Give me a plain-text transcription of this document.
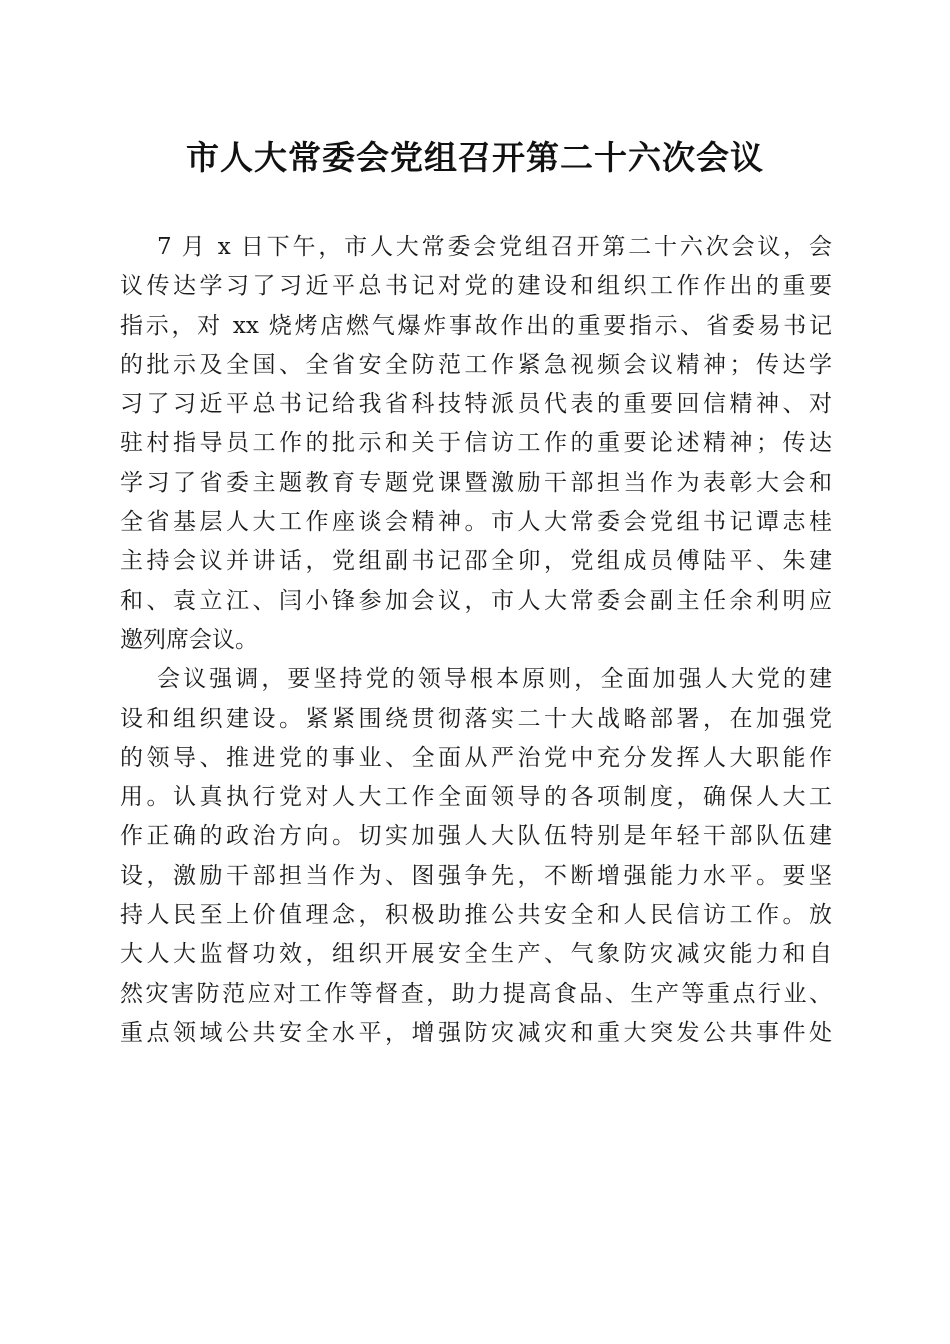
市人大常委会党组召开第二十六次会议
7 月 x 日下午，市人大常委会党组召开第二十六次会议，会
议传达学习了习近平总书记对党的建设和组织工作作出的重要
指示，对 xx 烧烤店燃气爆炸事故作出的重要指示、省委易书记
的批示及全国、全省安全防范工作紧急视频会议精神；传达学
习了习近平总书记给我省科技特派员代表的重要回信精神、对
驻村指导员工作的批示和关于信访工作的重要论述精神；传达
学习了省委主题教育专题党课暨激励干部担当作为表彰大会和
全省基层人大工作座谈会精神。市人大常委会党组书记谭志桂
主持会议并讲话，党组副书记邵全卯，党组成员傅陆平、朱建
和、袁立江、闫小锋参加会议，市人大常委会副主任余利明应
邀列席会议。
会议强调，要坚持党的领导根本原则，全面加强人大党的建
设和组织建设。紧紧围绕贯彻落实二十大战略部署，在加强党
的领导、推进党的事业、全面从严治党中充分发挥人大职能作
用。认真执行党对人大工作全面领导的各项制度，确保人大工
作正确的政治方向。切实加强人大队伍特别是年轻干部队伍建
设，激励干部担当作为、图强争先，不断增强能力水平。要坚
持人民至上价值理念，积极助推公共安全和人民信访工作。放
大人大监督功效，组织开展安全生产、气象防灾减灾能力和自
然灾害防范应对工作等督查，助力提高食品、生产等重点行业、
重点领域公共安全水平，增强防灾减灾和重大突发公共事件处
